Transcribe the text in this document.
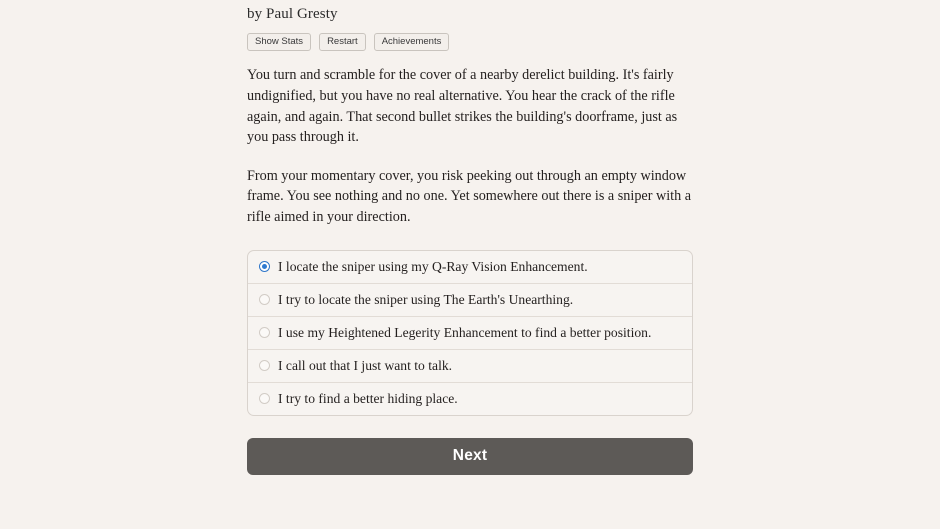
by Paul Gresty

Show Stats	Restart	Achievements

You turn and scramble for the cover of a nearby derelict building. It's fairly undignified, but you have no real alternative. You hear the crack of the rifle again, and again. That second bullet strikes the building's doorframe, just as you pass through it.

From your momentary cover, you risk peeking out through an empty window frame. You see nothing and no one. Yet somewhere out there is a sniper with a rifle aimed in your direction.

I locate the sniper using my Q-Ray Vision Enhancement.
I try to locate the sniper using The Earth's Unearthing.
I use my Heightened Legerity Enhancement to find a better position.
I call out that I just want to talk.
I try to find a better hiding place.
Next
